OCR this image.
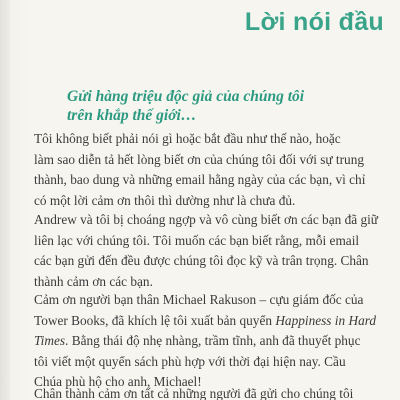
Lời nói đầu
Gửi hàng triệu độc giả của chúng tôi
trên khắp thế giới…
Tôi không biết phải nói gì hoặc bắt đầu như thế nào, hoặc
làm sao diễn tả hết lòng biết ơn của chúng tôi đối với sự trung
thành, bao dung và những email hằng ngày của các bạn, vì chỉ
có một lời cảm ơn thôi thì dường như là chưa đủ.
Andrew và tôi bị choáng ngợp và vô cùng biết ơn các bạn đã giữ
liên lạc với chúng tôi. Tôi muốn các bạn biết rằng, mỗi email
các bạn gửi đến đều được chúng tôi đọc kỹ và trân trọng. Chân
thành cảm ơn các bạn.
Cảm ơn người bạn thân Michael Rakuson – cựu giám đốc của
Tower Books, đã khích lệ tôi xuất bản quyển Happiness in Hard
Times. Bằng thái độ nhẹ nhàng, trầm tĩnh, anh đã thuyết phục
tôi viết một quyển sách phù hợp với thời đại hiện nay. Cầu
Chúa phù hộ cho anh, Michael!
Chân thành cảm ơn tất cả những người đã gửi cho chúng tôi
